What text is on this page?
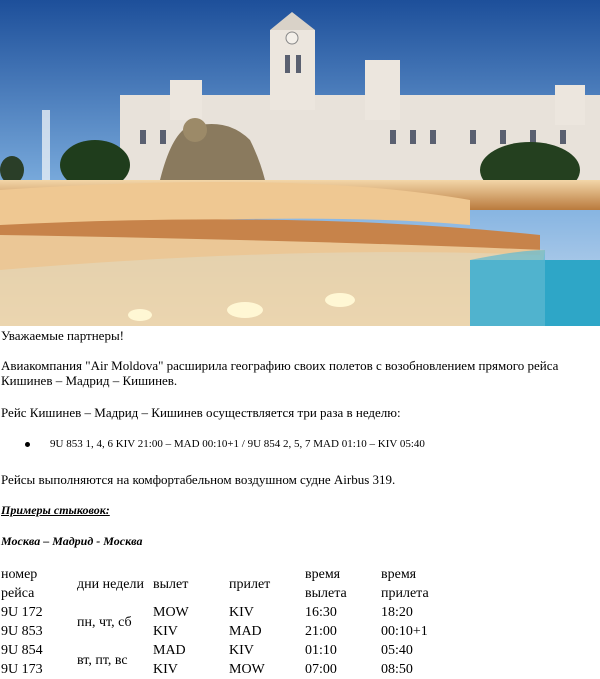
Уважаемые партнеры!

Авиакомпания "Air Moldova" расширила географию своих полетов с возобновлением прямого рейса Кишинев – Мадрид – Кишинев.

Рейс Кишинев – Мадрид – Кишинев осуществляется три раза в неделю:

9U 853 1, 4, 6 KIV 21:00 – MAD 00:10+1 / 9U 854 2, 5, 7 MAD 01:10 – KIV 05:40

Рейсы выполняются на комфортабельном воздушном судне Airbus 319.

Примеры стыковок:

Москва – Мадрид - Москва

номер рейса	дни недели	вылет	прилет	время вылета	время прилета
9U 172	пн, чт, сб	MOW	KIV	16:30	18:20
9U 853		KIV	MAD	21:00	00:10+1
9U 854	вт, пт, вс	MAD	KIV	01:10	05:40
9U 173		KIV	MOW	07:00	08:50
